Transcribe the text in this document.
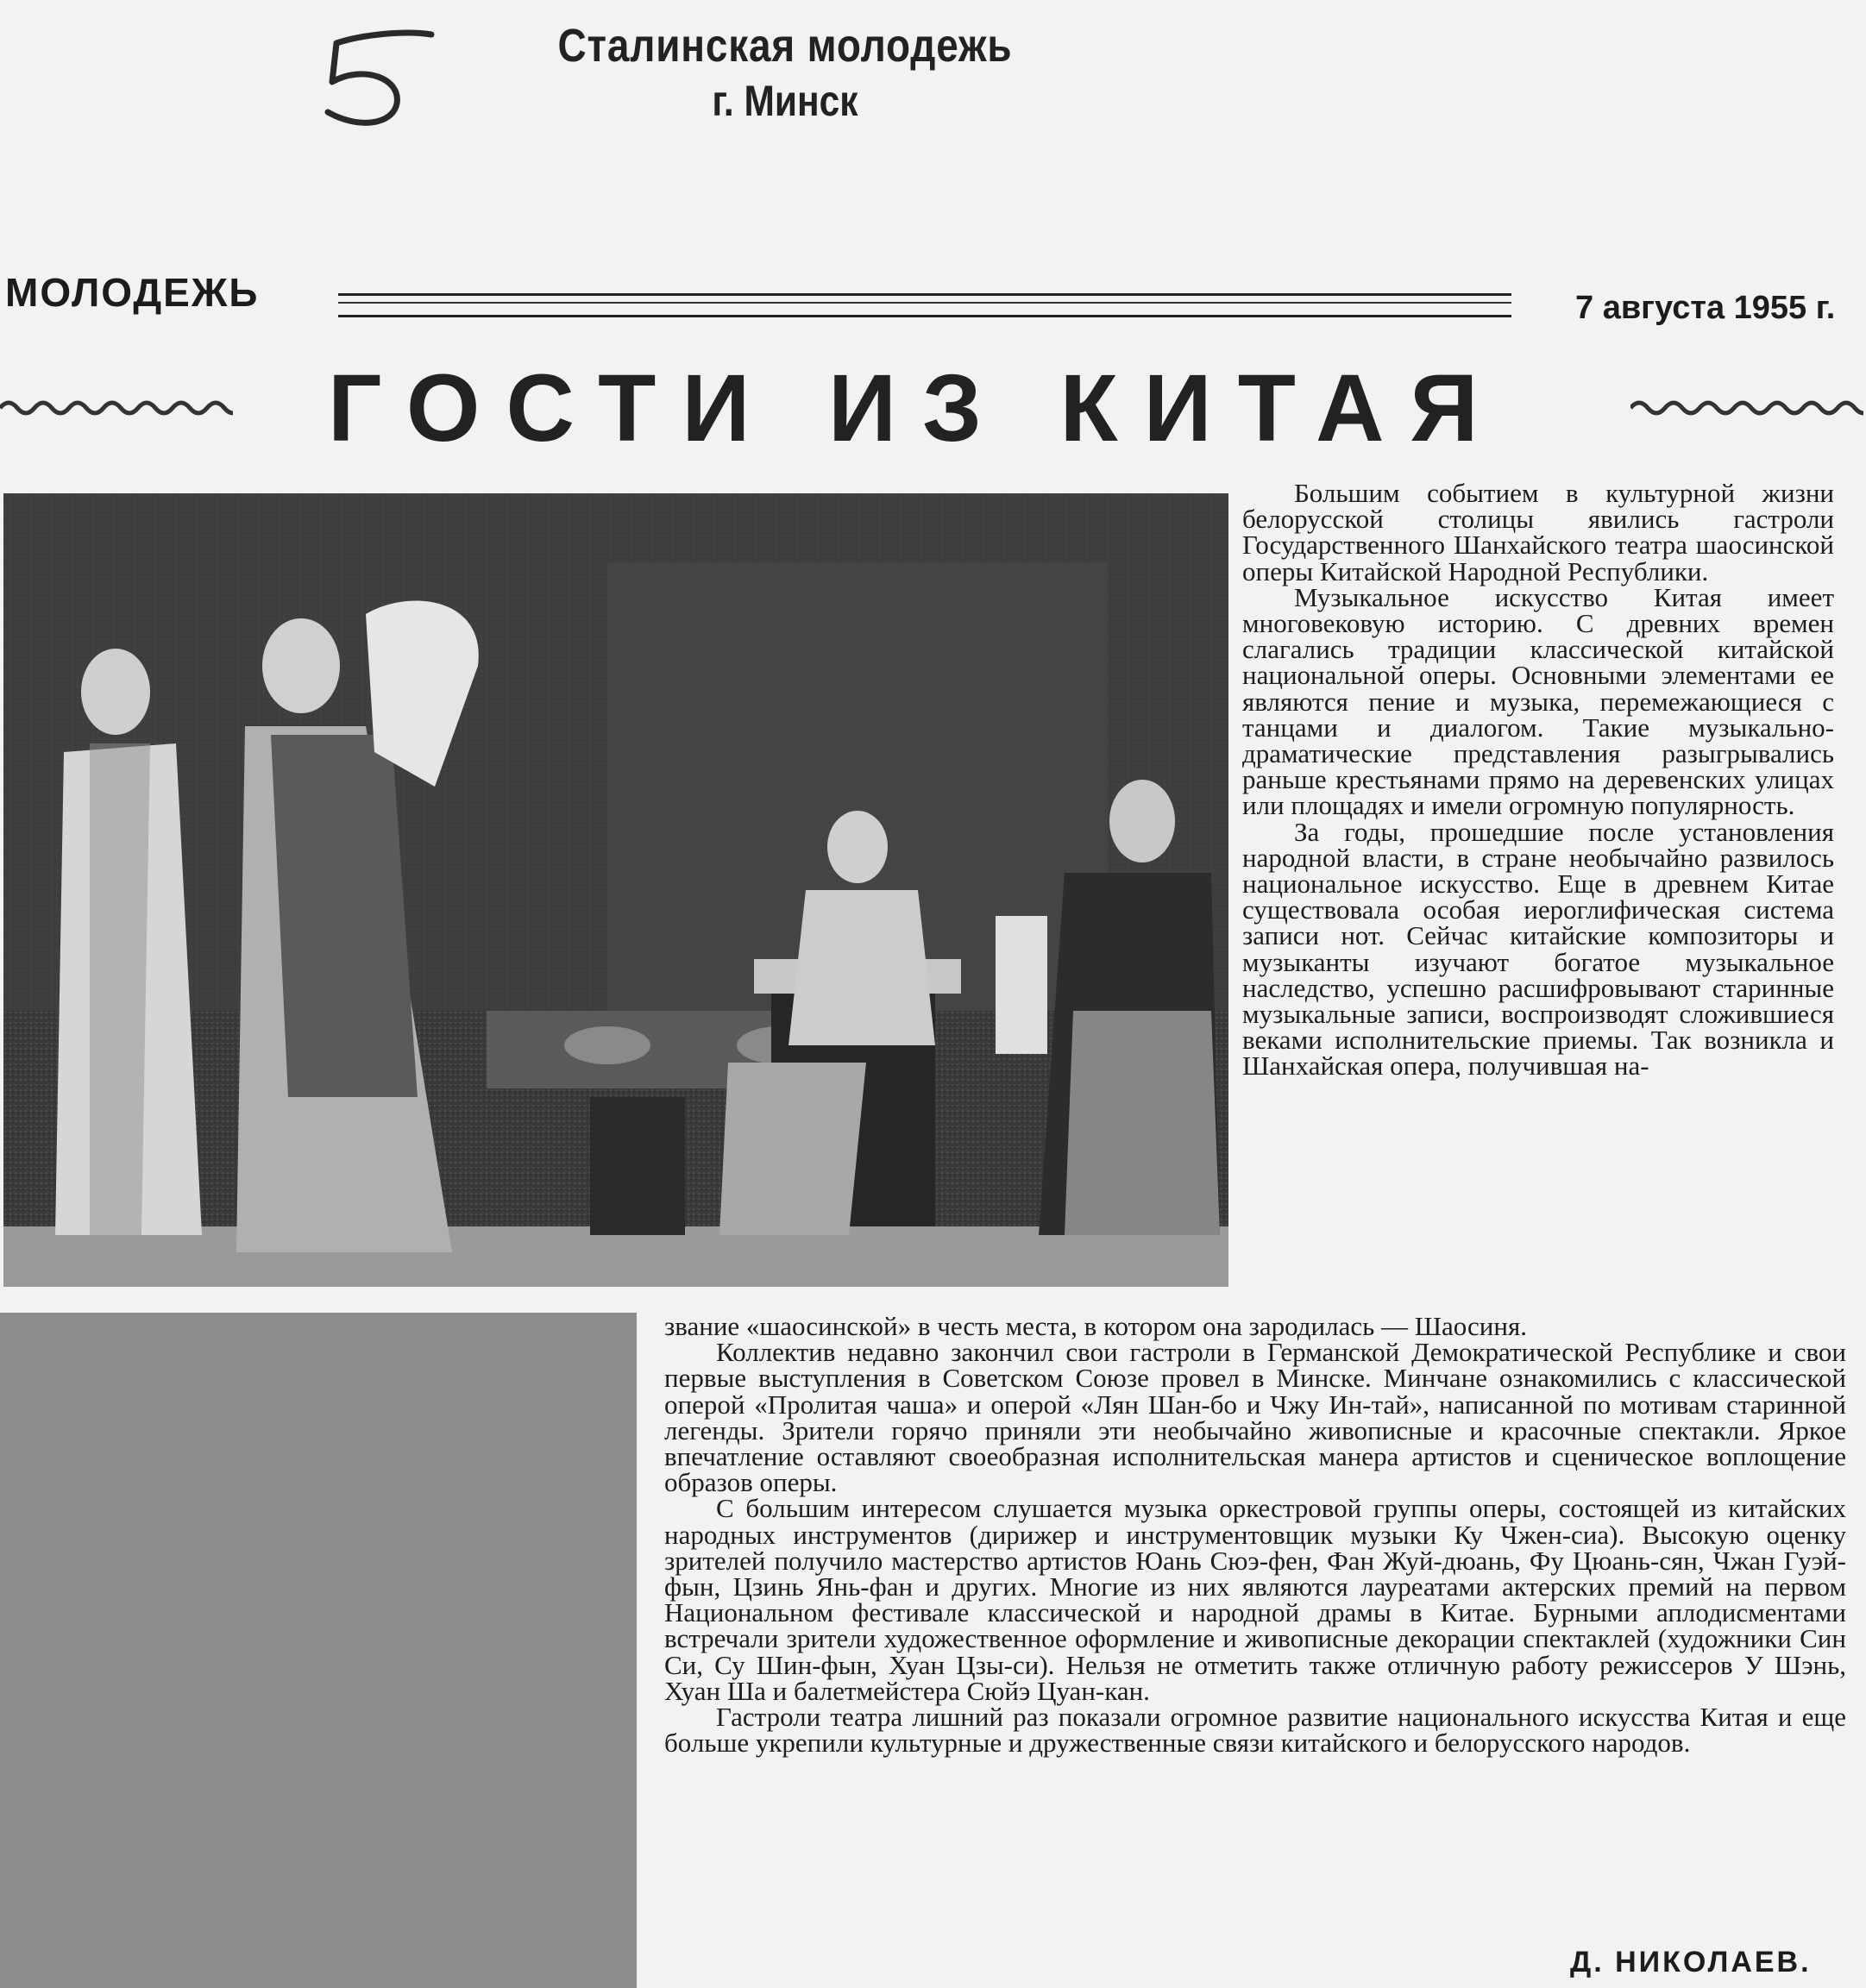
Сталинская молодежь
г. Минск
МОЛОДЕЖЬ	7 августа 1955 г.
ГОСТИ ИЗ КИТАЯ

Большим событием в культурной жизни белорусской столицы явились гастроли Государственного Шанхайского театра шаосинской оперы Китайской Народной Республики.

Музыкальное искусство Китая имеет многовековую историю. С древних времен слагались традиции классической китайской национальной оперы. Основными элементами ее являются пение и музыка, перемежающиеся с танцами и диалогом. Такие музыкально-драматические представления разыгрывались раньше крестьянами прямо на деревенских улицах или площадях и имели огромную популярность.

За годы, прошедшие после установления народной власти, в стране необычайно развилось национальное искусство. Еще в древнем Китае существовала особая иероглифическая система записи нот. Сейчас китайские композиторы и музыканты изучают богатое музыкальное наследство, успешно расшифровывают старинные музыкальные записи, воспроизводят сложившиеся веками исполнительские приемы. Так возникла и Шанхайская опера, получившая на-

звание «шаосинской» в честь места, в котором она зародилась — Шаосиня.

Коллектив недавно закончил свои гастроли в Германской Демократической Республике и свои первые выступления в Советском Союзе провел в Минске. Минчане ознакомились с классической оперой «Пролитая чаша» и оперой «Лян Шан-бо и Чжу Ин-тай», написанной по мотивам старинной легенды. Зрители горячо приняли эти необычайно живописные и красочные спектакли. Яркое впечатление оставляют своеобразная исполнительская манера артистов и сценическое воплощение образов оперы.

С большим интересом слушается музыка оркестровой группы оперы, состоящей из китайских народных инструментов (дирижер и инструментовщик музыки Ку Чжен-сиа). Высокую оценку зрителей получило мастерство артистов Юань Сюэ-фен, Фан Жуй-дюань, Фу Цюань-сян, Чжан Гуэй-фын, Цзинь Янь-фан и других. Многие из них являются лауреатами актерских премий на первом Национальном фестивале классической и народной драмы в Китае. Бурными аплодисментами встречали зрители художественное оформление и живописные декорации спектаклей (художники Син Си, Су Шин-фын, Хуан Цзы-си). Нельзя не отметить также отличную работу режиссеров У Шэнь, Хуан Ша и балетмейстера Сюйэ Цуан-кан.

Гастроли театра лишний раз показали огромное развитие национального искусства Китая и еще больше укрепили культурные и дружественные связи китайского и белорусского народов.

Д. НИКОЛАЕВ.
